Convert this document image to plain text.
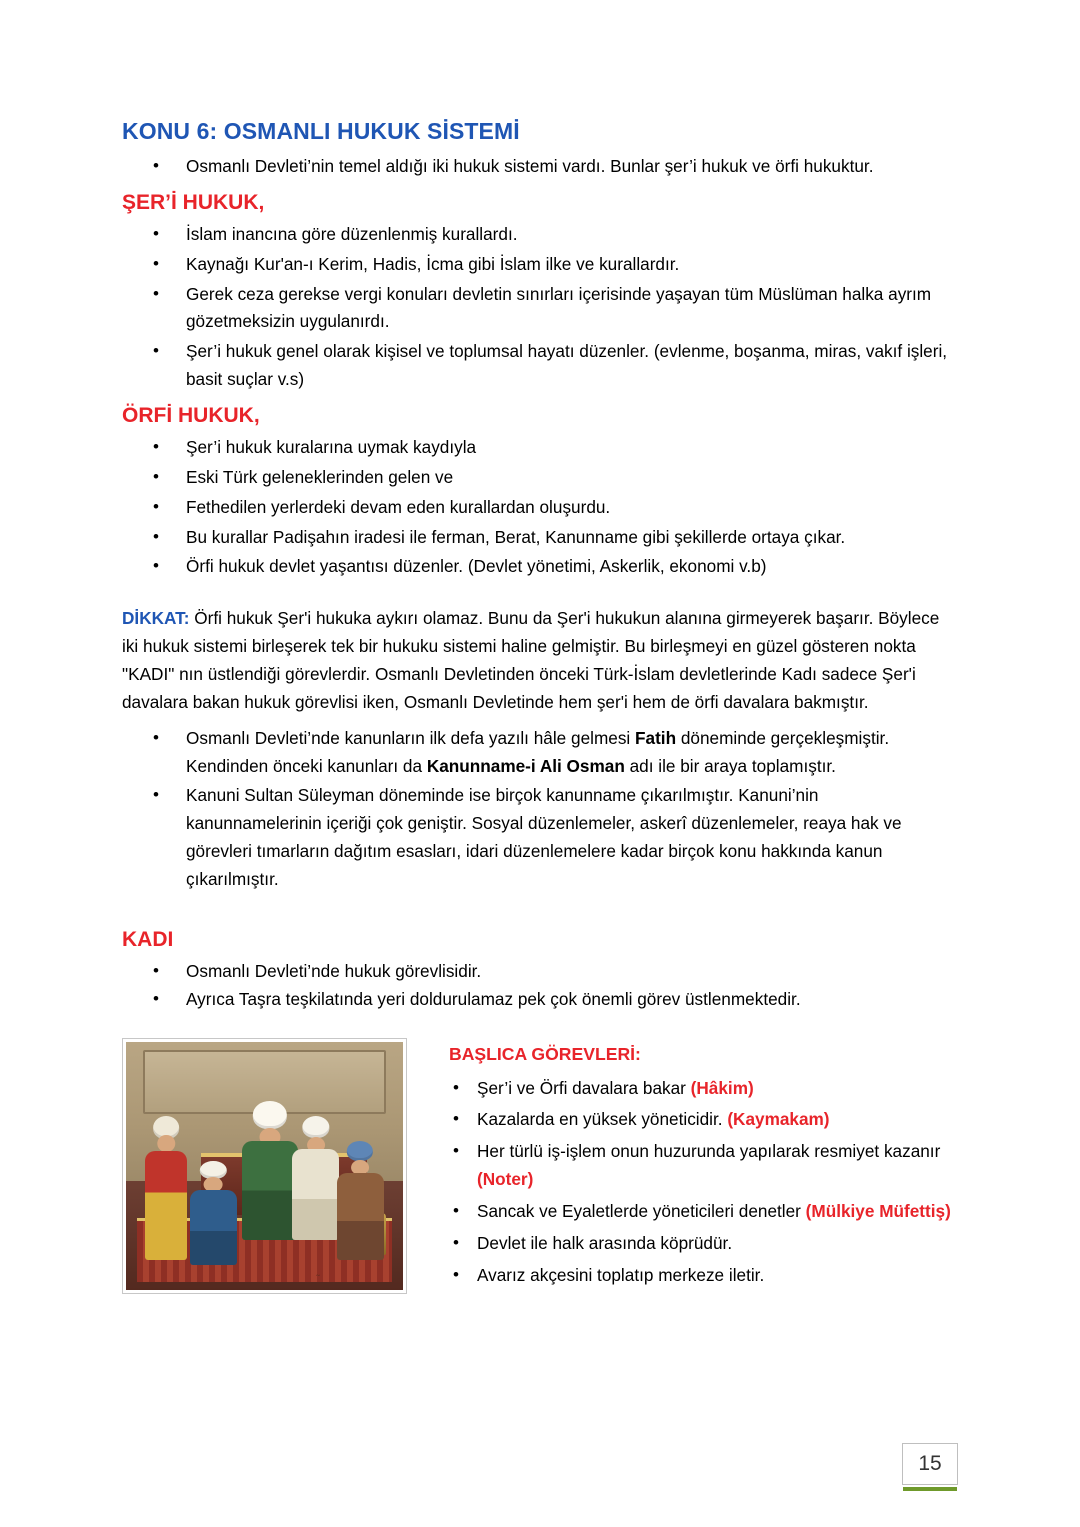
KONU 6: OSMANLI HUKUK SİSTEMİ
• Osmanlı Devleti’nin temel aldığı iki hukuk sistemi vardı. Bunlar şer’i hukuk ve örfi hukuktur.
ŞER’İ HUKUK,
• İslam inancına göre düzenlenmiş kurallardı.
• Kaynağı Kur'an-ı Kerim, Hadis, İcma gibi İslam ilke ve kurallardır.
• Gerek ceza gerekse vergi konuları devletin sınırları içerisinde yaşayan tüm Müslüman halka ayrım gözetmeksizin uygulanırdı.
• Şer’i hukuk genel olarak kişisel ve toplumsal hayatı düzenler. (evlenme, boşanma, miras, vakıf işleri, basit suçlar v.s)
ÖRFİ HUKUK,
• Şer’i hukuk kuralarına uymak kaydıyla
• Eski Türk geleneklerinden gelen ve
• Fethedilen yerlerdeki devam eden kurallardan oluşurdu.
• Bu kurallar Padişahın iradesi ile ferman, Berat, Kanunname gibi şekillerde ortaya çıkar.
• Örfi hukuk devlet yaşantısı düzenler. (Devlet yönetimi, Askerlik, ekonomi v.b)

DİKKAT: Örfi hukuk Şer'i hukuka aykırı olamaz. Bunu da Şer'i hukukun alanına girmeyerek başarır. Böylece iki hukuk sistemi birleşerek tek bir hukuku sistemi haline gelmiştir. Bu birleşmeyi en güzel gösteren nokta "KADI" nın üstlendiği görevlerdir. Osmanlı Devletinden önceki Türk-İslam devletlerinde Kadı sadece Şer'i davalara bakan hukuk görevlisi iken, Osmanlı Devletinde hem şer'i hem de örfi davalara bakmıştır.

• Osmanlı Devleti’nde kanunların ilk defa yazılı hâle gelmesi Fatih döneminde gerçekleşmiştir. Kendinden önceki kanunları da Kanunname-i Ali Osman adı ile bir araya toplamıştır.
• Kanuni Sultan Süleyman döneminde ise birçok kanunname çıkarılmıştır. Kanuni’nin kanunnamelerinin içeriği çok geniştir. Sosyal düzenlemeler, askerî düzenlemeler, reaya hak ve görevleri tımarların dağıtım esasları, idari düzenlemelere kadar birçok konu hakkında kanun çıkarılmıştır.
KADI
• Osmanlı Devleti’nde hukuk görevlisidir.
• Ayrıca Taşra teşkilatında yeri doldurulamaz pek çok önemli görev üstlenmektedir.
~
BAŞLICA GÖREVLERİ:
• Şer’i ve Örfi davalara bakar (Hâkim)
• Kazalarda en yüksek yöneticidir. (Kaymakam)
• Her türlü iş-işlem onun huzurunda yapılarak resmiyet kazanır (Noter)
• Sancak ve Eyaletlerde yöneticileri denetler (Mülkiye Müfettiş)
• Devlet ile halk arasında köprüdür.
• Avarız akçesini toplatıp merkeze iletir.
15
